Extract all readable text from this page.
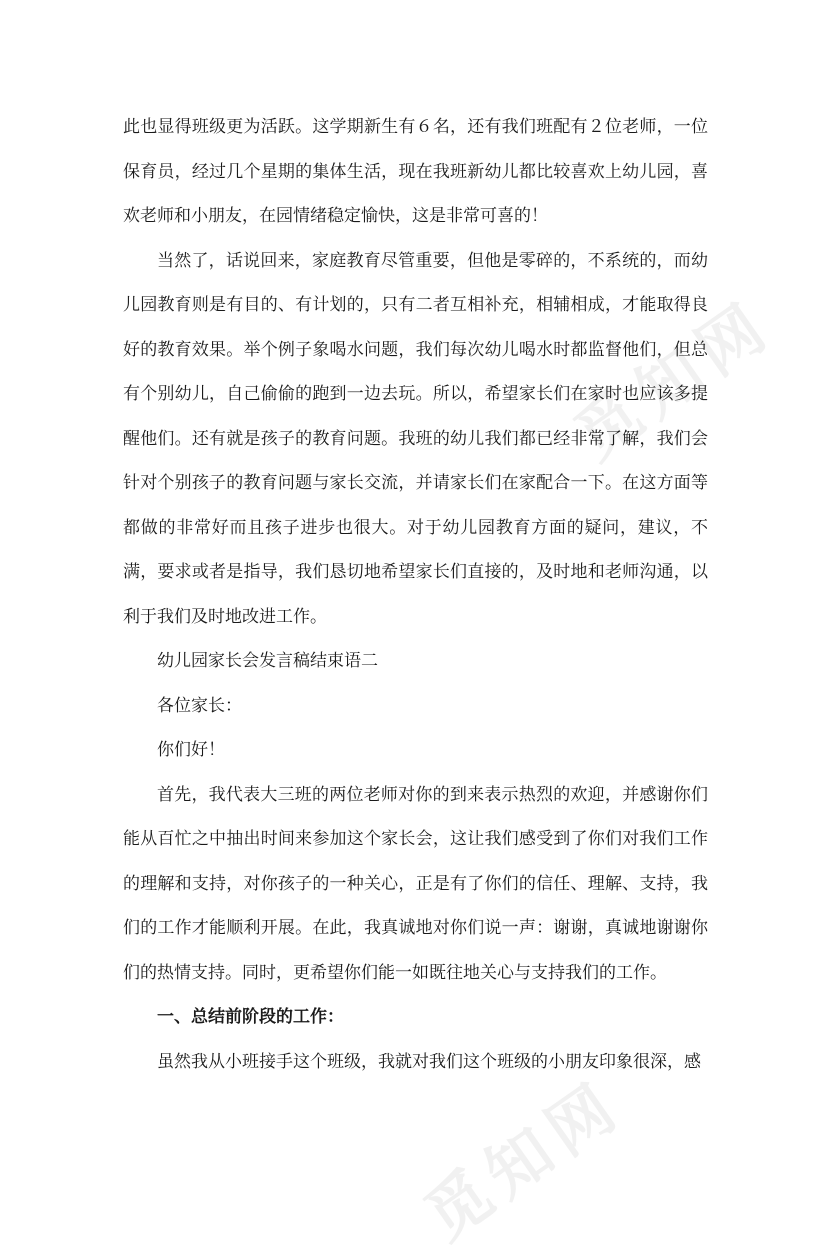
觅知网
觅知网

此也显得班级更为活跃。这学期新生有６名，还有我们班配有２位老师，一位保育员，经过几个星期的集体生活，现在我班新幼儿都比较喜欢上幼儿园，喜欢老师和小朋友，在园情绪稳定愉快，这是非常可喜的！

当然了，话说回来，家庭教育尽管重要，但他是零碎的，不系统的，而幼儿园教育则是有目的、有计划的，只有二者互相补充，相辅相成，才能取得良好的教育效果。举个例子象喝水问题，我们每次幼儿喝水时都监督他们，但总有个别幼儿，自己偷偷的跑到一边去玩。所以，希望家长们在家时也应该多提醒他们。还有就是孩子的教育问题。我班的幼儿我们都已经非常了解，我们会针对个别孩子的教育问题与家长交流，并请家长们在家配合一下。在这方面等都做的非常好而且孩子进步也很大。对于幼儿园教育方面的疑问，建议，不满，要求或者是指导，我们恳切地希望家长们直接的，及时地和老师沟通，以利于我们及时地改进工作。

幼儿园家长会发言稿结束语二

各位家长：

你们好！

首先，我代表大三班的两位老师对你的到来表示热烈的欢迎，并感谢你们能从百忙之中抽出时间来参加这个家长会，这让我们感受到了你们对我们工作的理解和支持，对你孩子的一种关心，正是有了你们的信任、理解、支持，我们的工作才能顺利开展。在此，我真诚地对你们说一声：谢谢，真诚地谢谢你们的热情支持。同时，更希望你们能一如既往地关心与支持我们的工作。

一、总结前阶段的工作：

虽然我从小班接手这个班级，我就对我们这个班级的小朋友印象很深，感
